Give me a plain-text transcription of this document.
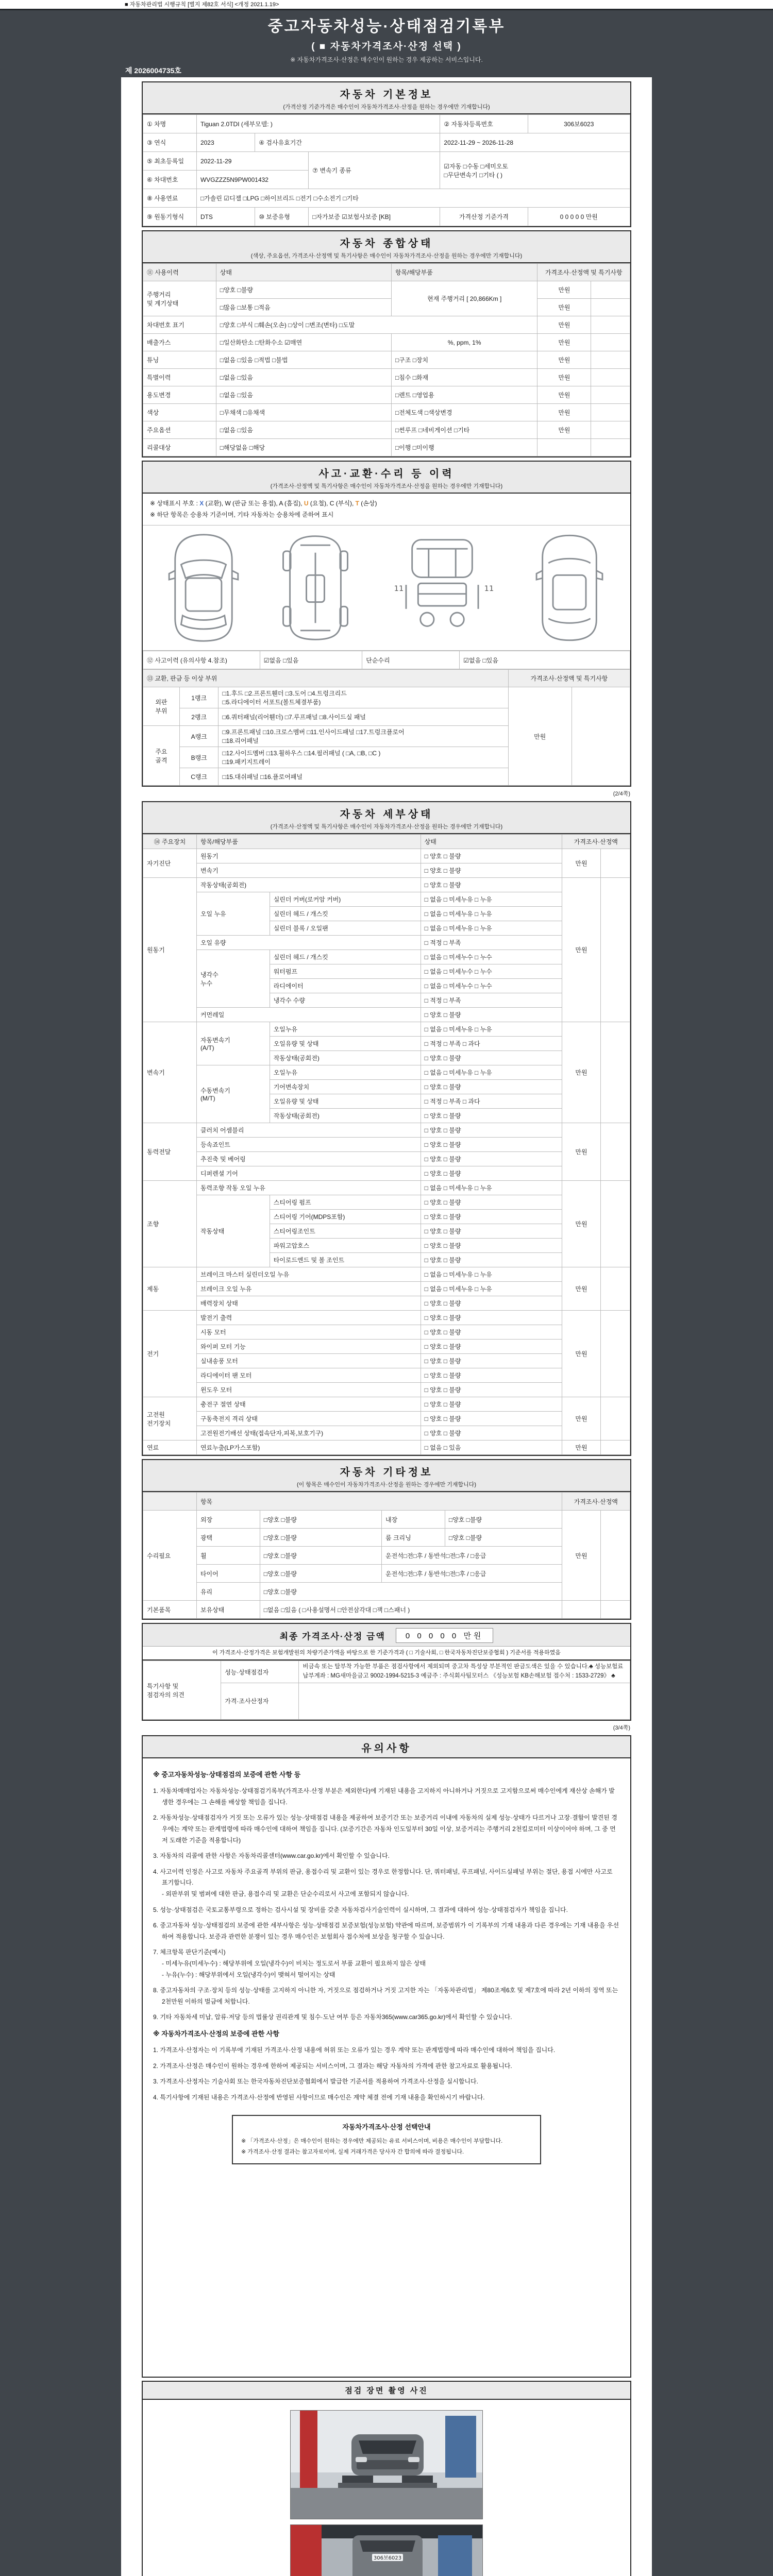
■ 자동차관리법 시행규칙 [별지 제82호 서식] <개정 2021.1.19>
중고자동차성능·상태점검기록부
( ■ 자동차가격조사·산정 선택 )
※ 자동차가격조사·산정은 매수인이 원하는 경우 제공하는 서비스입니다.
제 2026004735호
자동차 기본정보
(가격산정 기준가격은 매수인이 자동차가격조사·산정을 원하는 경우에만 기재합니다)
① 차명	Tiguan 2.0TDI (세부모델: )			② 자동차등록번호	306보6023
③ 연식	2023	④ 검사유효기간		2022-11-29 ~ 2026-11-28	
⑤ 최초등록일	2022-11-29		⑦ 변속기 종류	☑자동 □수동 □세미오토
□무단변속기 □기타 ( )	
⑥ 차대번호	WVGZZZ5N9PW001432				
⑧ 사용연료	□가솔린 ☑디젤 □LPG □하이브리드 □전기 □수소전기 □기타				
⑨ 원동기형식	DTS	⑩ 보증유형	□자가보증 ☑보험사보증 [KB]	가격산정 기준가격	0 0 0 0 0 만원
자동차 종합상태
(색상, 주요옵션, 가격조사·산정액 및 특기사항은 매수인이 자동차가격조사·산정을 원하는 경우에만 기재합니다)
⑪ 사용이력	상태	항목/해당부품	가격조사·산정액 및 특기사항	
주행거리
및 계기상태	□양호 □불량	현재 주행거리 [ 20,866Km ]	만원	
	□많음 □보통 □적음		만원	
차대번호 표기	□양호 □부식 □훼손(오손) □상이 □변조(변타) □도말		만원	
배출가스	□일산화탄소 □탄화수소 ☑매연	%, ppm, 1%	만원	
튜닝	□없음 □있음 □적법 □불법	□구조 □장치	만원	
특별이력	□없음 □있음	□침수 □화재	만원	
용도변경	□없음 □있음	□렌트 □영업용	만원	
색상	□무채색 □유채색	□전체도색 □색상변경	만원	
주요옵션	□없음 □있음	□썬루프 □네비게이션 □기타	만원	
리콜대상	□해당없음 □해당	□이행 □미이행		
사고·교환·수리 등 이력
(가격조사·산정액 및 특기사항은 매수인이 자동차가격조사·산정을 원하는 경우에만 기재합니다)
※ 상태표시 부호 : X (교환), W (판금 또는 용접), A (흠집), U (요철), C (부식), T (손상)
※ 하단 항목은 승용차 기준이며, 기타 자동차는 승용차에 준하여 표시
11	11
⑫ 사고이력 (유의사항 4.참조)	☑없음 □있음	단순수리	☑없음 □있음
⑬ 교환, 판금 등 이상 부위			가격조사·산정액 및 특기사항	
외판
부위	1랭크	□1.후드 □2.프론트휀더 □3.도어 □4.트렁크리드
□5.라디에이터 서포트(볼트체결부품)	만원	
	2랭크	□6.쿼터패널(리어휀더) □7.루프패널 □8.사이드실 패널		
주요
골격	A랭크	□9.프론트패널 □10.크로스멤버 □11.인사이드패널 □17.트렁크플로어
□18.리어패널		
	B랭크	□12.사이드멤버 □13.휠하우스 □14.필러패널 ( □A, □B, □C )
□19.패키지트레이		
	C랭크	□15.대쉬패널 □16.플로어패널		
(2/4쪽)
자동차 세부상태
(가격조사·산정액 및 특기사항은 매수인이 자동차가격조사·산정을 원하는 경우에만 기재합니다)
⑭ 주요장치	항목/해당부품		상태	가격조사·산정액	
자기진단	원동기		□ 양호 □ 불량	만원	
	변속기		□ 양호 □ 불량		
원동기	작동상태(공회전)		□ 양호 □ 불량	만원	
	오일 누유	실린더 커버(로커암 커버)	□ 없음 □ 미세누유 □ 누유		
		실린더 헤드 / 개스킷	□ 없음 □ 미세누유 □ 누유		
		실린더 블록 / 오일팬	□ 없음 □ 미세누유 □ 누유		
	오일 유량		□ 적정 □ 부족		
	냉각수
누수	실린더 헤드 / 개스킷	□ 없음 □ 미세누수 □ 누수		
		워터펌프	□ 없음 □ 미세누수 □ 누수		
		라디에이터	□ 없음 □ 미세누수 □ 누수		
		냉각수 수량	□ 적정 □ 부족		
	커먼레일		□ 양호 □ 불량		
변속기	자동변속기
(A/T)	오일누유	□ 없음 □ 미세누유 □ 누유	만원	
		오일유량 및 상태	□ 적정 □ 부족 □ 과다		
		작동상태(공회전)	□ 양호 □ 불량		
	수동변속기
(M/T)	오일누유	□ 없음 □ 미세누유 □ 누유		
		기어변속장치	□ 양호 □ 불량		
		오일유량 및 상태	□ 적정 □ 부족 □ 과다		
		작동상태(공회전)	□ 양호 □ 불량		
동력전달	클러치 어셈블리		□ 양호 □ 불량	만원	
	등속죠인트		□ 양호 □ 불량		
	추진축 및 베어링		□ 양호 □ 불량		
	디퍼렌셜 기어		□ 양호 □ 불량		
조향	동력조향 작동 오일 누유		□ 없음 □ 미세누유 □ 누유	만원	
	작동상태	스티어링 펌프	□ 양호 □ 불량		
		스티어링 기어(MDPS포함)	□ 양호 □ 불량		
		스티어링조인트	□ 양호 □ 불량		
		파워고압호스	□ 양호 □ 불량		
		타이로드엔드 및 볼 조인트	□ 양호 □ 불량		
제동	브레이크 마스터 실린더오일 누유		□ 없음 □ 미세누유 □ 누유	만원	
	브레이크 오일 누유		□ 없음 □ 미세누유 □ 누유		
	배력장치 상태		□ 양호 □ 불량		
전기	발전기 출력		□ 양호 □ 불량	만원	
	시동 모터		□ 양호 □ 불량		
	와이퍼 모터 기능		□ 양호 □ 불량		
	실내송풍 모터		□ 양호 □ 불량		
	라디에이터 팬 모터		□ 양호 □ 불량		
	윈도우 모터		□ 양호 □ 불량		
고전원
전기장치	충전구 절연 상태		□ 양호 □ 불량	만원	
	구동축전지 격리 상태		□ 양호 □ 불량		
	고전원전기배선 상태(접속단자,피복,보호기구)		□ 양호 □ 불량		
연료	연료누출(LP가스포함)		□ 없음 □ 있음	만원	
자동차 기타정보
(이 항목은 매수인이 자동차가격조사·산정을 원하는 경우에만 기재합니다)
	항목				가격조사·산정액	
수리필요	외장	□양호 □불량	내장	□양호 □불량	만원	
	광택	□양호 □불량	룸 크리닝	□양호 □불량		
	휠	□양호 □불량	운전석□전□후 / 동반석□전□후 / □응급			
	타이어	□양호 □불량	운전석□전□후 / 동반석□전□후 / □응급			
	유리	□양호 □불량				
기본품목	보유상태	□없음 □있음 ( □사용설명서 □안전삼각대 □잭 □스패너 )				
최종 가격조사·산정 금액	0 0 0 0 0 만원
이 가격조사·산정가격은 보험개발원의 차량기준가액을 바탕으로 한 기준가격과 ( □ 기술사회, □ 한국자동차진단보증협회 ) 기준서를 적용하였음
특기사항 및
점검자의 의견	성능·상태점검자	비금속 또는 탈부착 가능한 부품은 점검사항에서 제외되며 중고차 특성상 부분적인 판금도색은 있을 수 있습니다.♣ 성능보험료 납부계좌 : MG새마을금고 9002-1994-5215-3 예금주 : 주식회사팀모터스 《성능보험 KB손해보험 접수처 : 1533-2729》 ♣
	가격·조사산정자	
(3/4쪽)
유의사항
※ 중고자동차성능·상태점검의 보증에 관한 사항 등

1. 자동차매매업자는 자동차성능·상태점검기록부(가격조사·산정 부분은 제외한다)에 기재된 내용을 고지하지 아니하거나 거짓으로 고지함으로써 매수인에게 재산상 손해가 발생한 경우에는 그 손해를 배상할 책임을 집니다.

2. 자동차성능·상태점검자가 거짓 또는 오류가 있는 성능·상태점검 내용을 제공하여 보증기간 또는 보증거리 이내에 자동차의 실제 성능·상태가 다르거나 고장·결함이 발견된 경우에는 계약 또는 관계법령에 따라 매수인에 대하여 책임을 집니다. (보증기간은 자동차 인도일부터 30일 이상, 보증거리는 주행거리 2천킬로미터 이상이어야 하며, 그 중 먼저 도래한 기준을 적용합니다)

3. 자동차의 리콜에 관한 사항은 자동차리콜센터(www.car.go.kr)에서 확인할 수 있습니다.

4. 사고이력 인정은 사고로 자동차 주요골격 부위의 판금, 용접수리 및 교환이 있는 경우로 한정합니다. 단, 쿼터패널, 루프패널, 사이드실패널 부위는 절단, 용접 시에만 사고로 표기합니다.
- 외판부위 및 범퍼에 대한 판금, 용접수리 및 교환은 단순수리로서 사고에 포함되지 않습니다.

5. 성능·상태점검은 국토교통부령으로 정하는 검사시설 및 장비를 갖춘 자동차검사기술인력이 실시하며, 그 결과에 대하여 성능·상태점검자가 책임을 집니다.

6. 중고자동차 성능·상태점검의 보증에 관한 세부사항은 성능·상태점검 보증보험(성능보험) 약관에 따르며, 보증범위가 이 기록부의 기재 내용과 다른 경우에는 기재 내용을 우선하여 적용합니다. 보증과 관련한 분쟁이 있는 경우 매수인은 보험회사 접수처에 보상을 청구할 수 있습니다.

7. 체크항목 판단기준(예시)
- 미세누유(미세누수) : 해당부위에 오일(냉각수)이 비치는 정도로서 부품 교환이 필요하지 않은 상태
- 누유(누수) : 해당부위에서 오일(냉각수)이 맺혀서 떨어지는 상태

8. 중고자동차의 구조·장치 등의 성능·상태를 고지하지 아니한 자, 거짓으로 점검하거나 거짓 고지한 자는 「자동차관리법」 제80조제6호 및 제7호에 따라 2년 이하의 징역 또는 2천만원 이하의 벌금에 처합니다.

9. 기타 자동차세 미납, 압류·저당 등의 법률상 권리관계 및 침수·도난 여부 등은 자동차365(www.car365.go.kr)에서 확인할 수 있습니다.

※ 자동차가격조사·산정의 보증에 관한 사항

1. 가격조사·산정자는 이 기록부에 기재된 가격조사·산정 내용에 허위 또는 오류가 있는 경우 계약 또는 관계법령에 따라 매수인에 대하여 책임을 집니다.

2. 가격조사·산정은 매수인이 원하는 경우에 한하여 제공되는 서비스이며, 그 결과는 해당 자동차의 가격에 관한 참고자료로 활용됩니다.

3. 가격조사·산정자는 기술사회 또는 한국자동차진단보증협회에서 발급한 기준서를 적용하여 가격조사·산정을 실시합니다.

4. 특기사항에 기재된 내용은 가격조사·산정에 반영된 사항이므로 매수인은 계약 체결 전에 기재 내용을 확인하시기 바랍니다.

자동차가격조사·산정 선택안내

※ 「가격조사·산정」은 매수인이 원하는 경우에만 제공되는 유료 서비스이며, 비용은 매수인이 부담합니다.

※ 가격조사·산정 결과는 참고자료이며, 실제 거래가격은 당사자 간 합의에 따라 결정됩니다.

점검 장면 촬영 사진
306보6023
